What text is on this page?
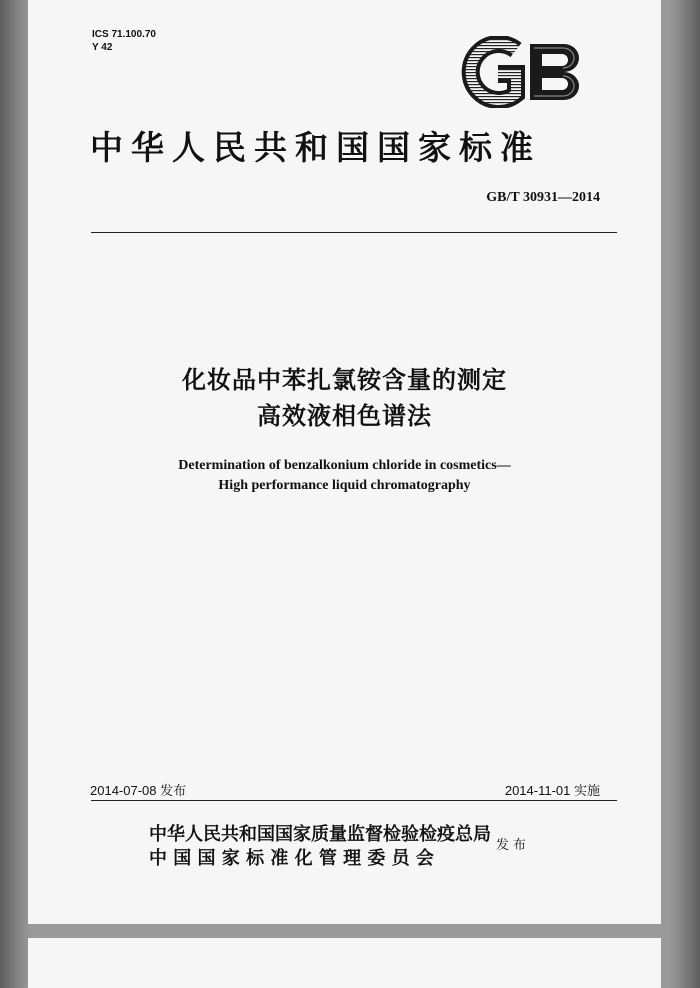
ICS 71.100.70
Y 42
中华人民共和国国家标准
GB/T 30931—2014
化妆品中苯扎氯铵含量的测定
高效液相色谱法
Determination of benzalkonium chloride in cosmetics—
High performance liquid chromatography
2014-07-08 发布	2014-11-01 实施
中华人民共和国国家质量监督检验检疫总局
中 国 国 家 标 准 化 管 理 委 员 会
发布
